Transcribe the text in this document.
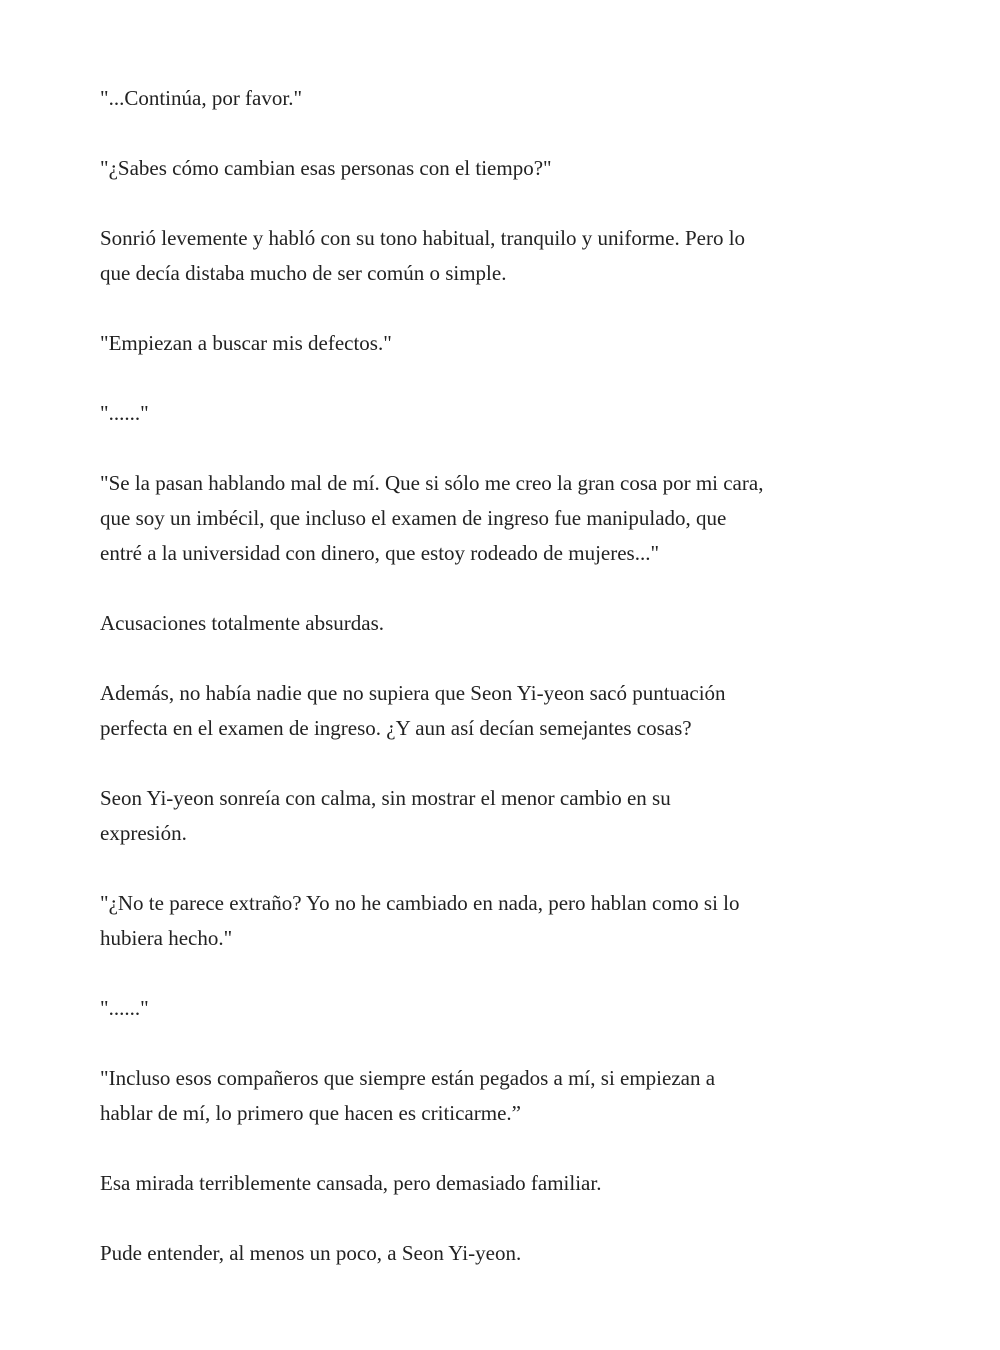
"...Continúa, por favor."

"¿Sabes cómo cambian esas personas con el tiempo?"

Sonrió levemente y habló con su tono habitual, tranquilo y uniforme. Pero lo
que decía distaba mucho de ser común o simple.

"Empiezan a buscar mis defectos."

"......"

"Se la pasan hablando mal de mí. Que si sólo me creo la gran cosa por mi cara,
que soy un imbécil, que incluso el examen de ingreso fue manipulado, que
entré a la universidad con dinero, que estoy rodeado de mujeres..."

Acusaciones totalmente absurdas.

Además, no había nadie que no supiera que Seon Yi-yeon sacó puntuación
perfecta en el examen de ingreso. ¿Y aun así decían semejantes cosas?

Seon Yi-yeon sonreía con calma, sin mostrar el menor cambio en su
expresión.

"¿No te parece extraño? Yo no he cambiado en nada, pero hablan como si lo
hubiera hecho."

"......"

"Incluso esos compañeros que siempre están pegados a mí, si empiezan a
hablar de mí, lo primero que hacen es criticarme.”

Esa mirada terriblemente cansada, pero demasiado familiar.

Pude entender, al menos un poco, a Seon Yi-yeon.
